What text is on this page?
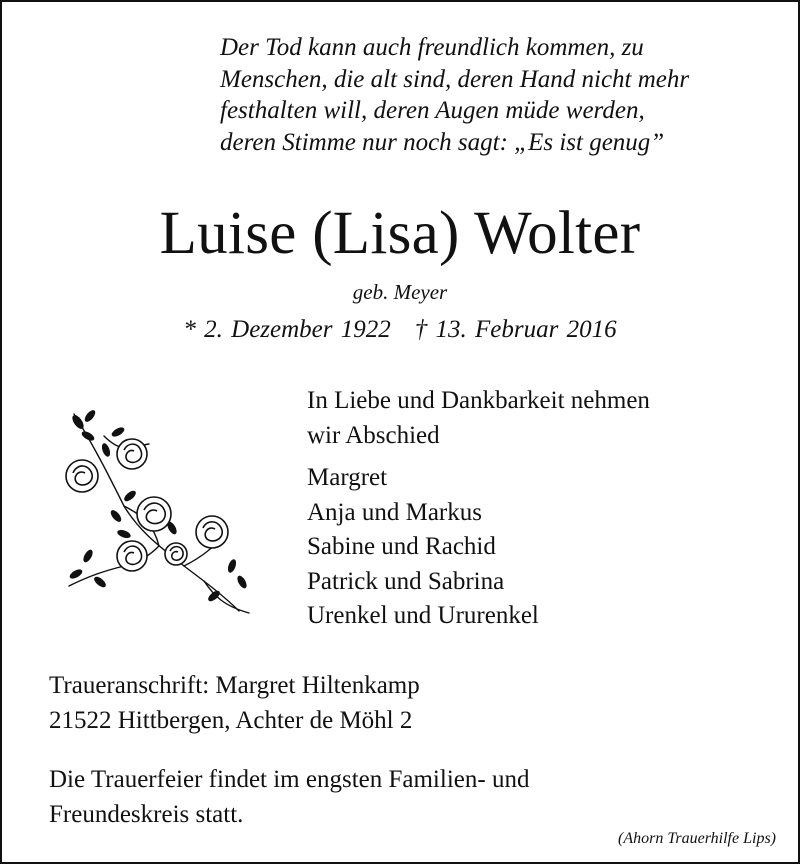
Der Tod kann auch freundlich kommen, zu
Menschen, die alt sind, deren Hand nicht mehr
festhalten will, deren Augen müde werden,
deren Stimme nur noch sagt: „Es ist genug”
Luise (Lisa) Wolter
geb. Meyer
* 2. Dezember 1922 † 13. Februar 2016
In Liebe und Dankbarkeit nehmen
wir Abschied
Margret
Anja und Markus
Sabine und Rachid
Patrick und Sabrina
Urenkel und Ururenkel
Traueranschrift: Margret Hiltenkamp
21522 Hittbergen, Achter de Möhl 2
Die Trauerfeier findet im engsten Familien- und
Freundeskreis statt.
(Ahorn Trauerhilfe Lips)
